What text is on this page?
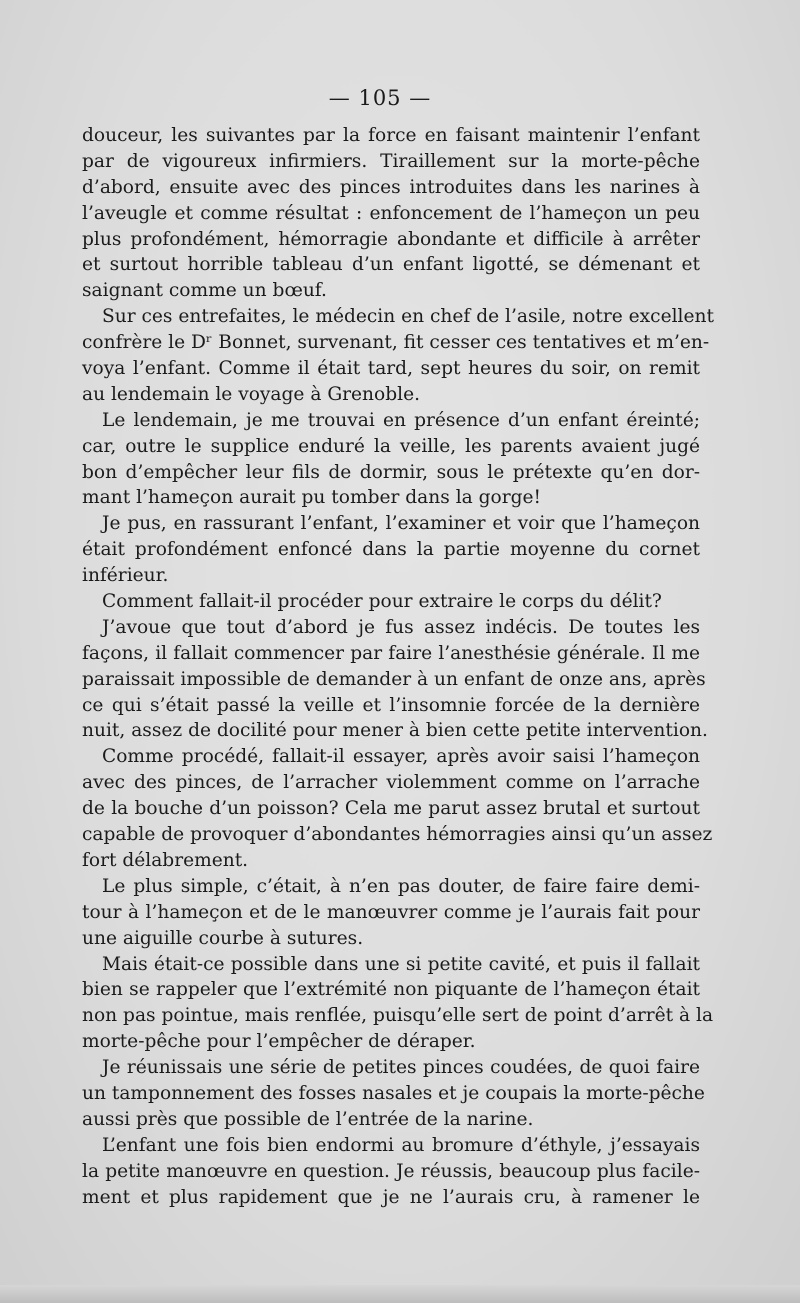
— 105 —
douceur, les suivantes par la force en faisant maintenir l’enfant
par de vigoureux infirmiers. Tiraillement sur la morte-pêche
d’abord, ensuite avec des pinces introduites dans les narines à
l’aveugle et comme résultat : enfoncement de l’hameçon un peu
plus profondément, hémorragie abondante et difficile à arrêter
et surtout horrible tableau d’un enfant ligotté, se démenant et
saignant comme un bœuf.
Sur ces entrefaites, le médecin en chef de l’asile, notre excellent
confrère le Dʳ Bonnet, survenant, fit cesser ces tentatives et m’en-
voya l’enfant. Comme il était tard, sept heures du soir, on remit
au lendemain le voyage à Grenoble.
Le lendemain, je me trouvai en présence d’un enfant éreinté;
car, outre le supplice enduré la veille, les parents avaient jugé
bon d’empêcher leur fils de dormir, sous le prétexte qu’en dor-
mant l’hameçon aurait pu tomber dans la gorge!
Je pus, en rassurant l’enfant, l’examiner et voir que l’hameçon
était profondément enfoncé dans la partie moyenne du cornet
inférieur.
Comment fallait-il procéder pour extraire le corps du délit?
J’avoue que tout d’abord je fus assez indécis. De toutes les
façons, il fallait commencer par faire l’anesthésie générale. Il me
paraissait impossible de demander à un enfant de onze ans, après
ce qui s’était passé la veille et l’insomnie forcée de la dernière
nuit, assez de docilité pour mener à bien cette petite intervention.
Comme procédé, fallait-il essayer, après avoir saisi l’hameçon
avec des pinces, de l’arracher violemment comme on l’arrache
de la bouche d’un poisson? Cela me parut assez brutal et surtout
capable de provoquer d’abondantes hémorragies ainsi qu’un assez
fort délabrement.
Le plus simple, c’était, à n’en pas douter, de faire faire demi-
tour à l’hameçon et de le manœuvrer comme je l’aurais fait pour
une aiguille courbe à sutures.
Mais était-ce possible dans une si petite cavité, et puis il fallait
bien se rappeler que l’extrémité non piquante de l’hameçon était
non pas pointue, mais renflée, puisqu’elle sert de point d’arrêt à la
morte-pêche pour l’empêcher de déraper.
Je réunissais une série de petites pinces coudées, de quoi faire
un tamponnement des fosses nasales et je coupais la morte-pêche
aussi près que possible de l’entrée de la narine.
L’enfant une fois bien endormi au bromure d’éthyle, j’essayais
la petite manœuvre en question. Je réussis, beaucoup plus facile-
ment et plus rapidement que je ne l’aurais cru, à ramener le
